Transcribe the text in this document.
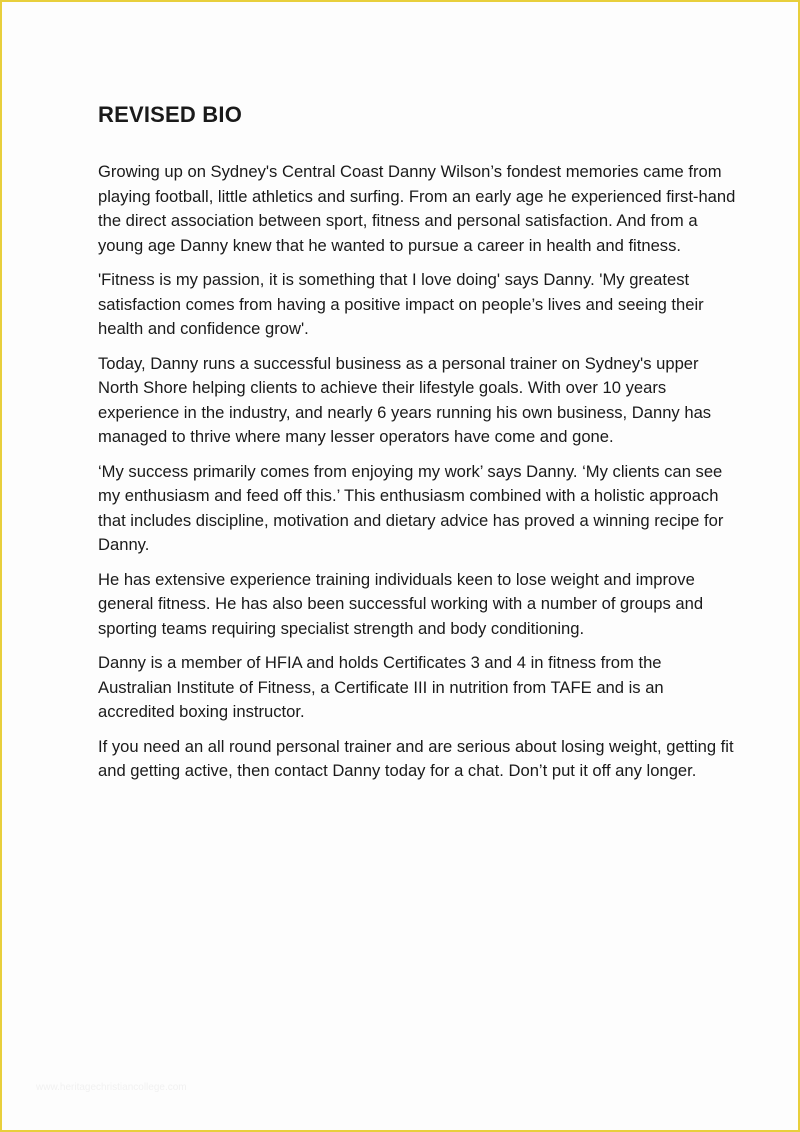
REVISED BIO

Growing up on Sydney's Central Coast Danny Wilson’s fondest memories came from playing football, little athletics and surfing. From an early age he experienced first-hand the direct association between sport, fitness and personal satisfaction. And from a young age Danny knew that he wanted to pursue a career in health and fitness.

'Fitness is my passion, it is something that I love doing' says Danny. 'My greatest satisfaction comes from having a positive impact on people’s lives and seeing their health and confidence grow'.

Today, Danny runs a successful business as a personal trainer on Sydney's upper North Shore helping clients to achieve their lifestyle goals. With over 10 years experience in the industry, and nearly 6 years running his own business, Danny has managed to thrive where many lesser operators have come and gone.

‘My success primarily comes from enjoying my work’ says Danny. ‘My clients can see my enthusiasm and feed off this.’ This enthusiasm combined with a holistic approach that includes discipline, motivation and dietary advice has proved a winning recipe for Danny.

He has extensive experience training individuals keen to lose weight and improve general fitness. He has also been successful working with a number of groups and sporting teams requiring specialist strength and body conditioning.

Danny is a member of HFIA and holds Certificates 3 and 4 in fitness from the Australian Institute of Fitness, a Certificate III in nutrition from TAFE and is an accredited boxing instructor.

If you need an all round personal trainer and are serious about losing weight, getting fit and getting active, then contact Danny today for a chat. Don’t put it off any longer.

www.heritagechristiancollege.com
